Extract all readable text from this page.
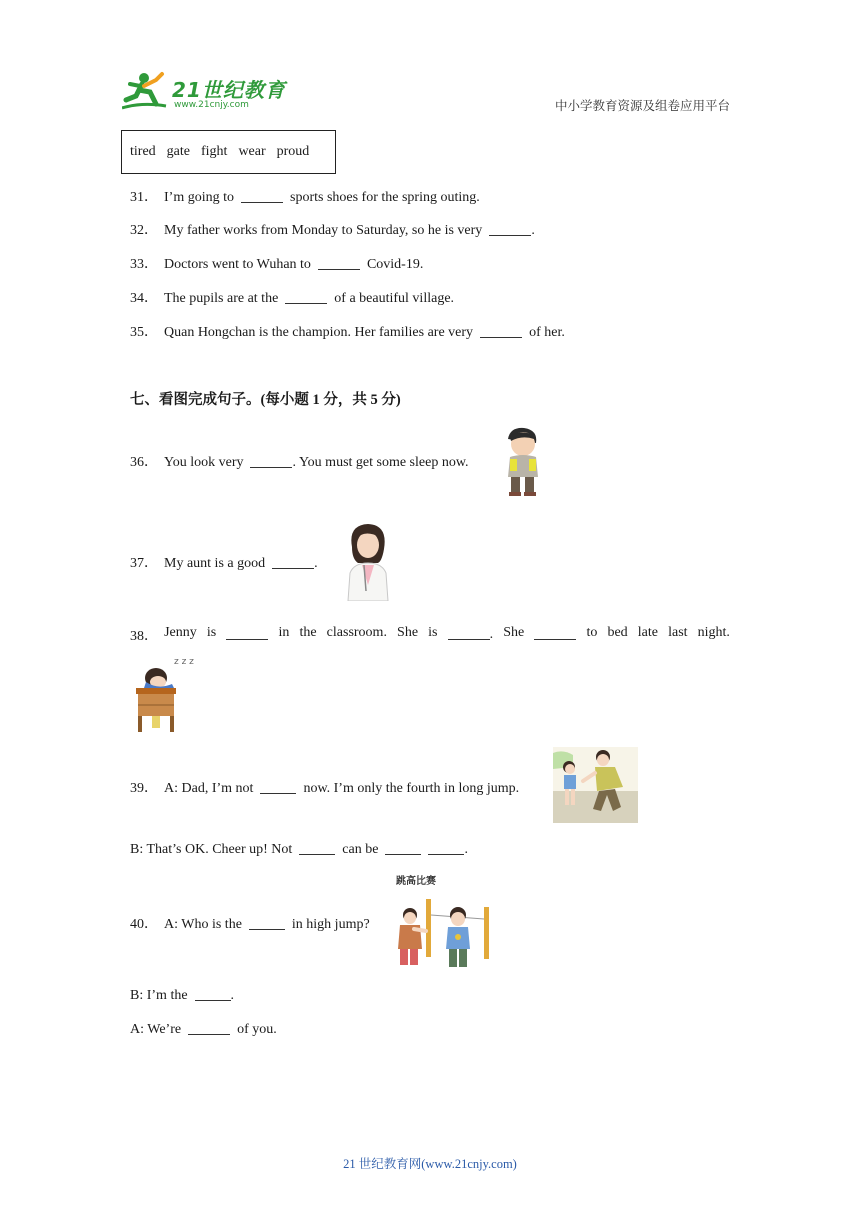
21世纪教育
www.21cnjy.com	中小学教育资源及组卷应用平台
tired gate fight wear proud
31． I’m going to	sports shoes for the spring outing.
32． My father works from Monday to Saturday, so he is very	.
33． Doctors went to Wuhan to	Covid-19.
34． The pupils are at the	of a beautiful village.
35． Quan Hongchan is the champion. Her families are very	of her.
七、看图完成句子。(每小题 1 分，共 5 分)
36． You look very	. You must get some sleep now.
37． My aunt is a good	.
38． Jenny is	in the classroom. She is	. She	to bed late last night.
z z z
39． A: Dad, I’m not	now. I’m only the fourth in long jump.
B: That’s OK. Cheer up! Not	can be	.
跳高比赛
40． A: Who is the	in high jump?
B: I’m the	.
A: We’re	of you.
21 世纪教育网(www.21cnjy.com)
